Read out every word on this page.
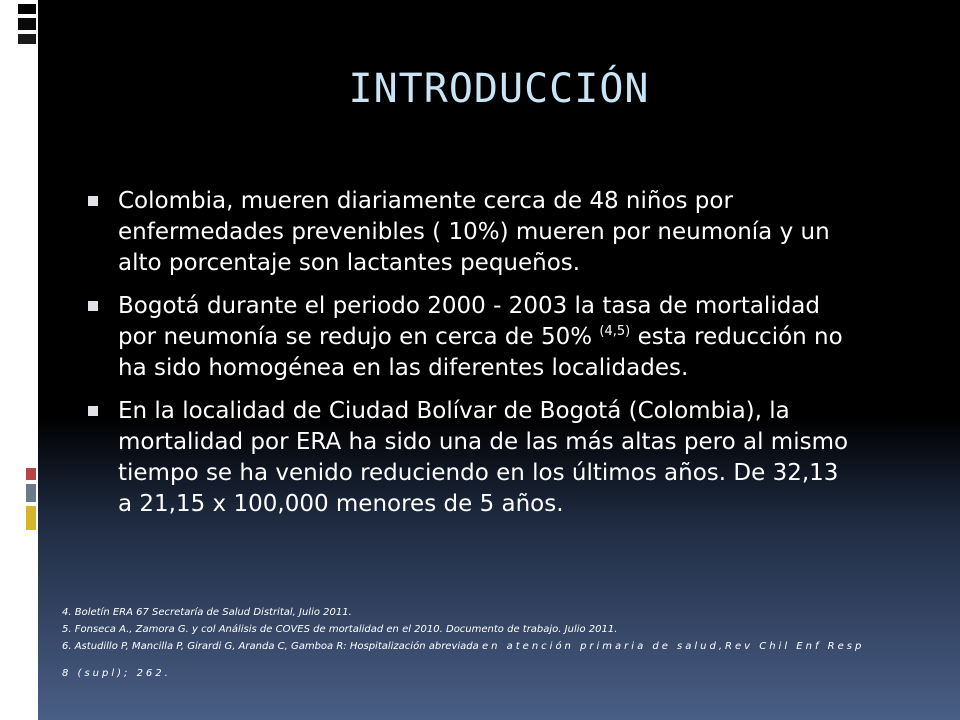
INTRODUCCIÓN
Colombia, mueren diariamente cerca de 48 niños por enfermedades prevenibles ( 10%) mueren por neumonía y un alto porcentaje son lactantes pequeños.
Bogotá durante el periodo 2000 - 2003 la tasa de mortalidad por neumonía se redujo en cerca de 50% $^{(4,5)}$ esta reducción no ha sido homogénea en las diferentes localidades.
En la localidad de Ciudad Bolívar de Bogotá (Colombia), la mortalidad por ERA ha sido una de las más altas pero al mismo tiempo se ha venido reduciendo en los últimos años. De 32,13 a 21,15 x 100,000 menores de 5 años.
4. Boletín ERA 67 Secretaría de Salud Distrital, Julio 2011.
5. Fonseca A., Zamora G. y col Análisis de COVES de mortalidad en el 2010. Documento de trabajo. Julio 2011.
6. Astudillo P, Mancilla P, Girardi G, Aranda C, Gamboa R: Hospitalización abreviada en atención primaria de salud,Rev Chil Enf Resp
8 (supl); 262.
